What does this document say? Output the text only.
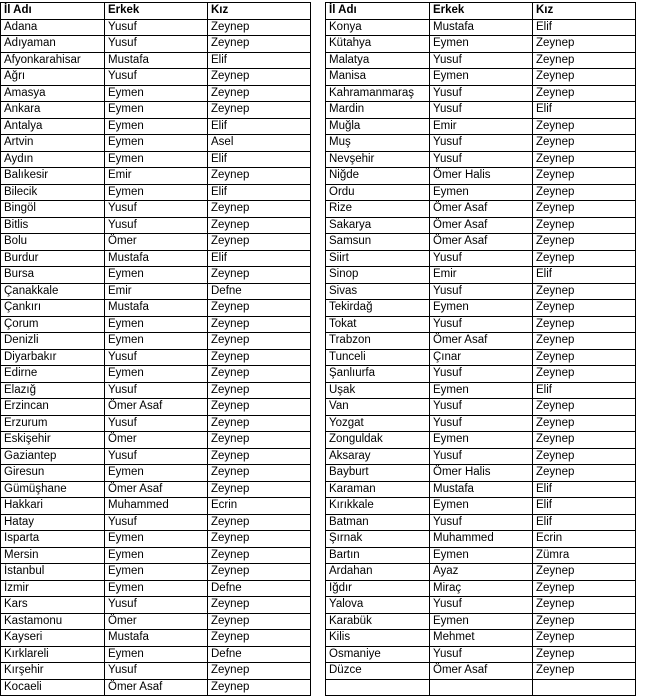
İl Adı	Erkek	Kız
Adana	Yusuf	Zeynep
Adıyaman	Yusuf	Zeynep
Afyonkarahisar	Mustafa	Elif
Ağrı	Yusuf	Zeynep
Amasya	Eymen	Zeynep
Ankara	Eymen	Zeynep
Antalya	Eymen	Elif
Artvin	Eymen	Asel
Aydın	Eymen	Elif
Balıkesir	Emir	Zeynep
Bilecik	Eymen	Elif
Bingöl	Yusuf	Zeynep
Bitlis	Yusuf	Zeynep
Bolu	Ömer	Zeynep
Burdur	Mustafa	Elif
Bursa	Eymen	Zeynep
Çanakkale	Emir	Defne
Çankırı	Mustafa	Zeynep
Çorum	Eymen	Zeynep
Denizli	Eymen	Zeynep
Diyarbakır	Yusuf	Zeynep
Edirne	Eymen	Zeynep
Elazığ	Yusuf	Zeynep
Erzincan	Ömer Asaf	Zeynep
Erzurum	Yusuf	Zeynep
Eskişehir	Ömer	Zeynep
Gaziantep	Yusuf	Zeynep
Giresun	Eymen	Zeynep
Gümüşhane	Ömer Asaf	Zeynep
Hakkari	Muhammed	Ecrin
Hatay	Yusuf	Zeynep
Isparta	Eymen	Zeynep
Mersin	Eymen	Zeynep
İstanbul	Eymen	Zeynep
İzmir	Eymen	Defne
Kars	Yusuf	Zeynep
Kastamonu	Ömer	Zeynep
Kayseri	Mustafa	Zeynep
Kırklareli	Eymen	Defne
Kırşehir	Yusuf	Zeynep
Kocaeli	Ömer Asaf	Zeynep
İl Adı	Erkek	Kız
Konya	Mustafa	Elif
Kütahya	Eymen	Zeynep
Malatya	Yusuf	Zeynep
Manisa	Eymen	Zeynep
Kahramanmaraş	Yusuf	Zeynep
Mardin	Yusuf	Elif
Muğla	Emir	Zeynep
Muş	Yusuf	Zeynep
Nevşehir	Yusuf	Zeynep
Niğde	Ömer Halis	Zeynep
Ordu	Eymen	Zeynep
Rize	Ömer Asaf	Zeynep
Sakarya	Ömer Asaf	Zeynep
Samsun	Ömer Asaf	Zeynep
Siirt	Yusuf	Zeynep
Sinop	Emir	Elif
Sivas	Yusuf	Zeynep
Tekirdağ	Eymen	Zeynep
Tokat	Yusuf	Zeynep
Trabzon	Ömer Asaf	Zeynep
Tunceli	Çınar	Zeynep
Şanlıurfa	Yusuf	Zeynep
Uşak	Eymen	Elif
Van	Yusuf	Zeynep
Yozgat	Yusuf	Zeynep
Zonguldak	Eymen	Zeynep
Aksaray	Yusuf	Zeynep
Bayburt	Ömer Halis	Zeynep
Karaman	Mustafa	Elif
Kırıkkale	Eymen	Elif
Batman	Yusuf	Elif
Şırnak	Muhammed	Ecrin
Bartın	Eymen	Zümra
Ardahan	Ayaz	Zeynep
Iğdır	Miraç	Zeynep
Yalova	Yusuf	Zeynep
Karabük	Eymen	Zeynep
Kilis	Mehmet	Zeynep
Osmaniye	Yusuf	Zeynep
Düzce	Ömer Asaf	Zeynep
